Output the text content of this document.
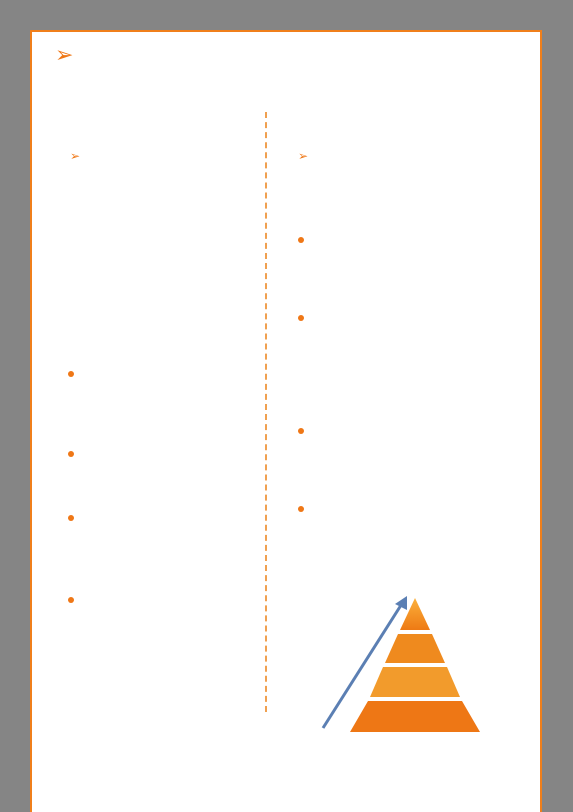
➢
➢	➢
